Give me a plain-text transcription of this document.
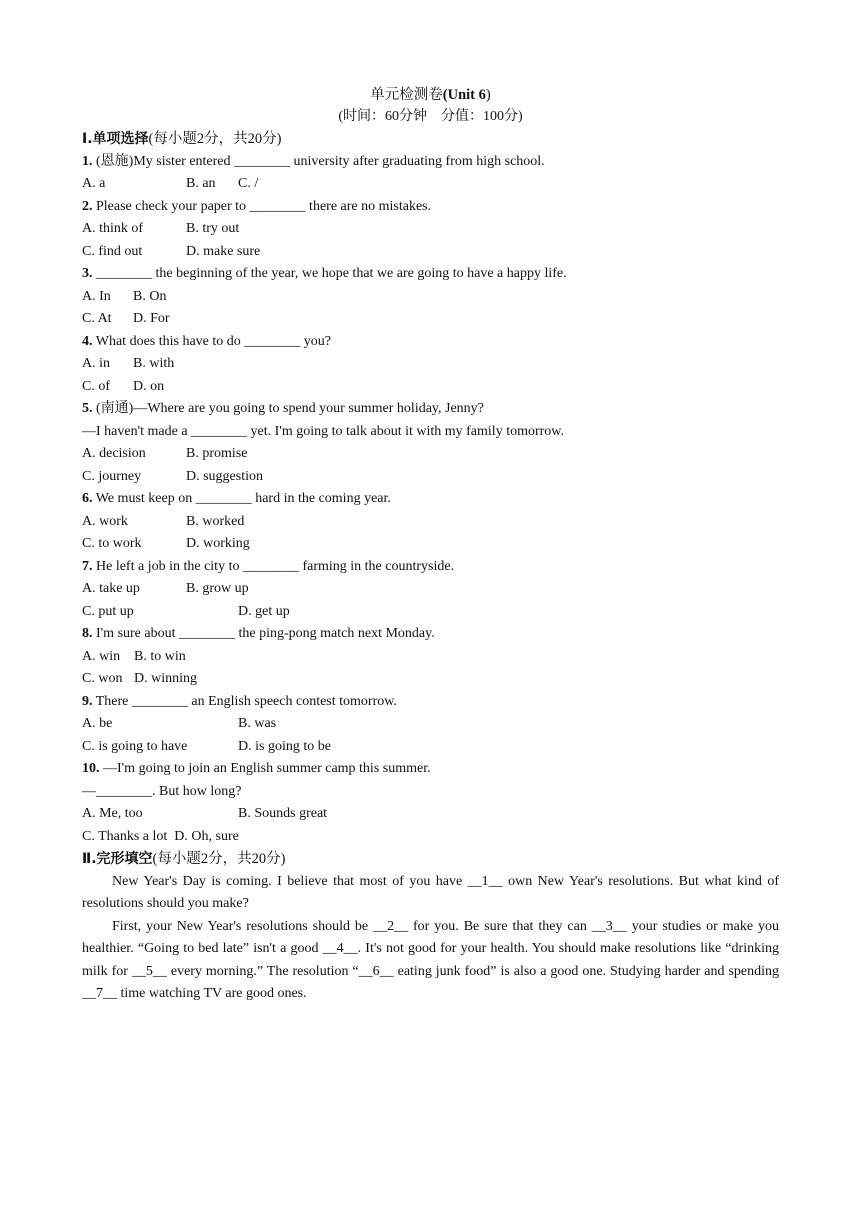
单元检测卷(Unit 6)
(时间：60分钟　分值：100分)
Ⅰ.单项选择(每小题2分，共20分)
1. (恩施)My sister entered ________ university after graduating from high school.
A. a	B. an C. /
2. Please check your paper to ________ there are no mistakes.
A. think of	B. try out
C. find out	D. make sure
3. ________ the beginning of the year, we hope that we are going to have a happy life.
A. In B. On
C. At D. For
4. What does this have to do ________ you?
A. in B. with
C. of D. on
5. (南通)—Where are you going to spend your summer holiday, Jenny?
—I haven't made a ________ yet. I'm going to talk about it with my family tomorrow.
A. decision	B. promise
C. journey	D. suggestion
6. We must keep on ________ hard in the coming year.
A. work	B. worked
C. to work	D. working
7. He left a job in the city to ________ farming in the countryside.
A. take up	B. grow up
C. put up	D. get up
8. I'm sure about ________ the ping-pong match next Monday.
A. win B. to win
C. won D. winning
9. There ________ an English speech contest tomorrow.
A. be	B. was
C. is going to have	D. is going to be
10. —I'm going to join an English summer camp this summer.
—________. But how long?
A. Me, too	B. Sounds great
C. Thanks a lot D. Oh, sure
Ⅱ.完形填空(每小题2分，共20分)
New Year's Day is coming. I believe that most of you have __1__ own New Year's resolutions. But what kind of resolutions should you make?
First, your New Year's resolutions should be __2__ for you. Be sure that they can __3__ your studies or make you healthier. “Going to bed late” isn't a good __4__. It's not good for your health. You should make resolutions like “drinking milk for __5__ every morning.” The resolution “__6__ eating junk food” is also a good one. Studying harder and spending __7__ time watching TV are good ones.
